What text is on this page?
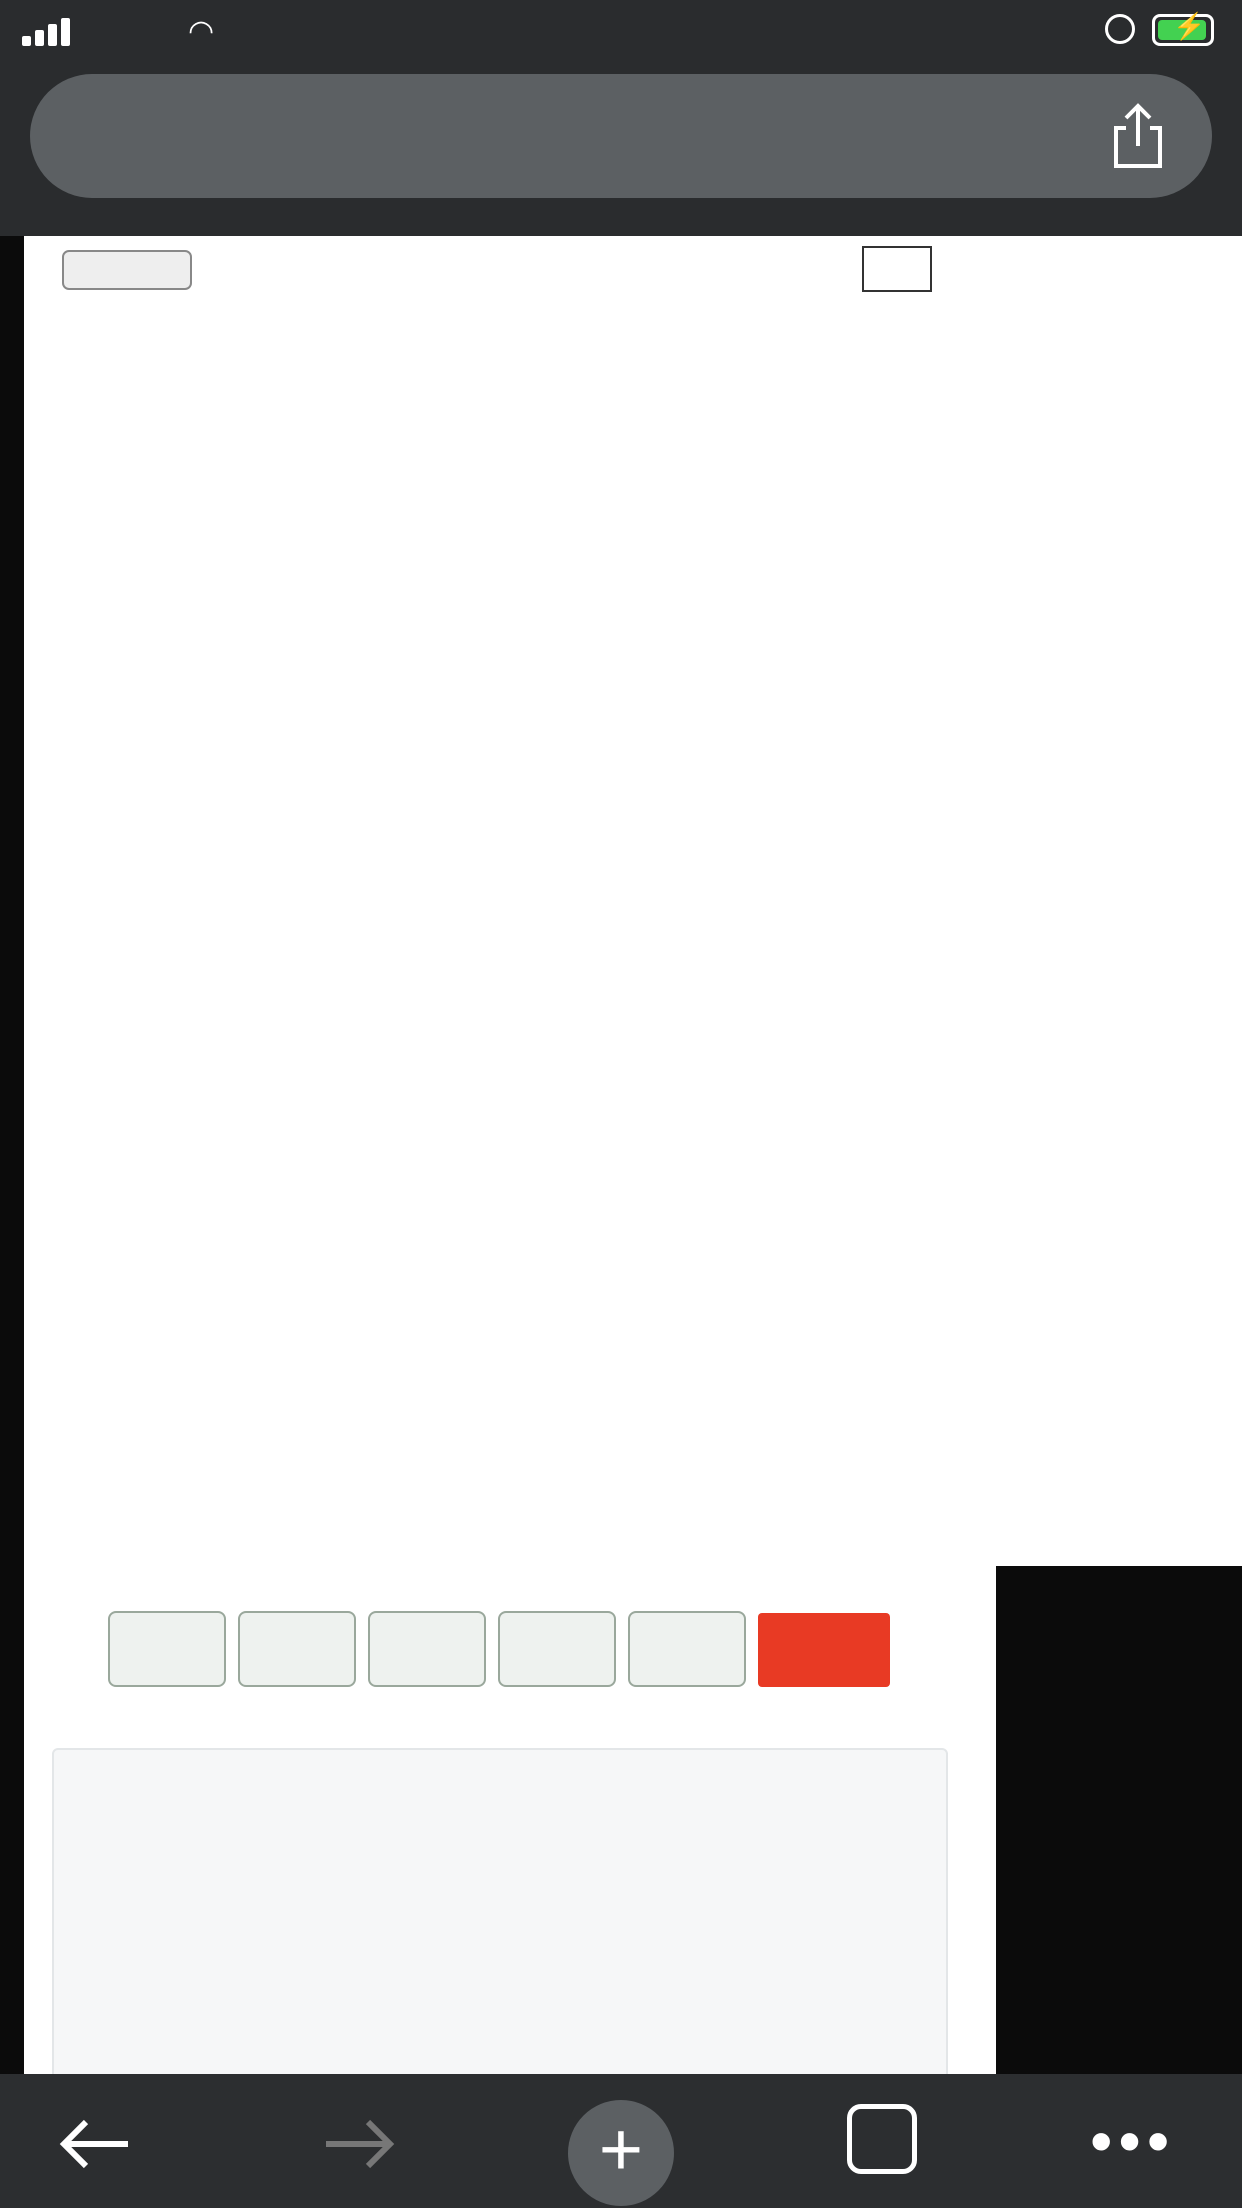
◠	⚡

+	•••
